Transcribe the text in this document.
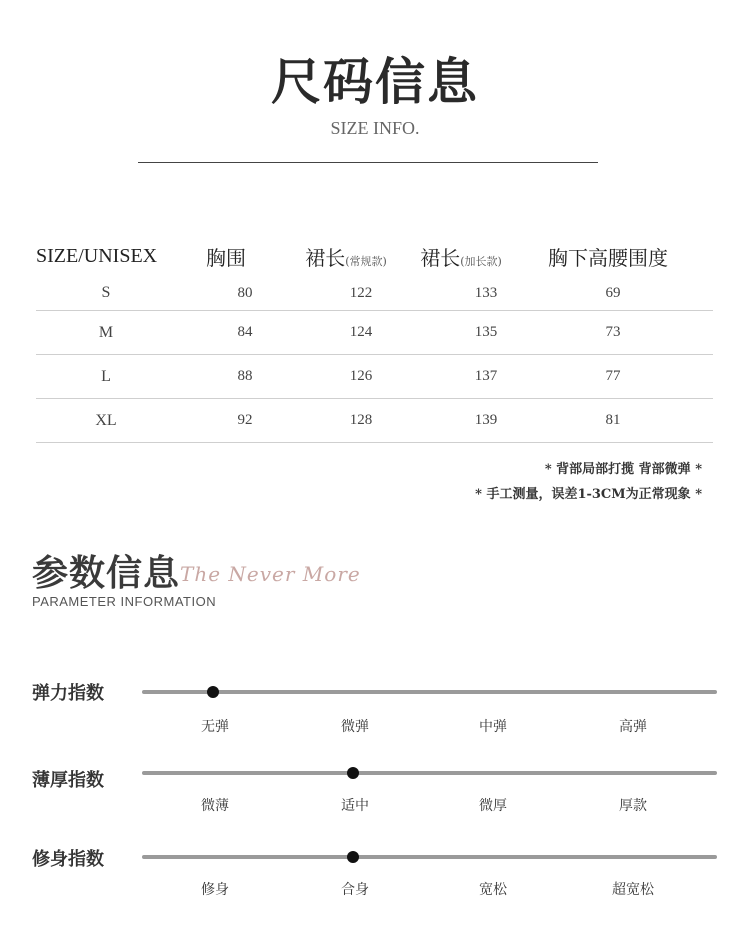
尺码信息
SIZE INFO.
SIZE/UNISEX	胸围	裙长(常规款)	裙长(加长款)	胸下高腰围度
S	80	122	133	69
M	84	124	135	73
L	88	126	137	77
XL	92	128	139	81
* 背部局部打揽 背部微弹 *
* 手工测量，误差1-3CM为正常现象 *
参数信息 The Never More
PARAMETER INFORMATION
弹力指数
无弹	微弹	中弹	高弹
薄厚指数
微薄	适中	微厚	厚款
修身指数
修身	合身	宽松	超宽松
